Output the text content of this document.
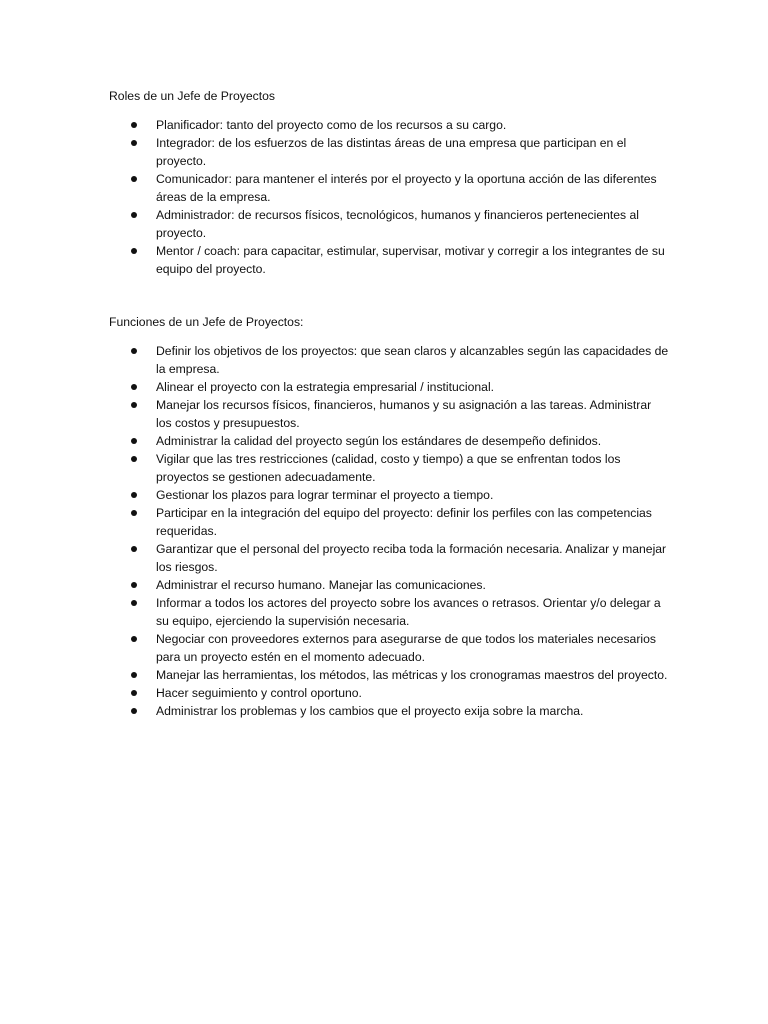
Roles de un Jefe de Proyectos
Planificador: tanto del proyecto como de los recursos a su cargo.
Integrador: de los esfuerzos de las distintas áreas de una empresa que participan en el proyecto.
Comunicador: para mantener el interés por el proyecto y la oportuna acción de las diferentes áreas de la empresa.
Administrador: de recursos físicos, tecnológicos, humanos y financieros pertenecientes al proyecto.
Mentor / coach: para capacitar, estimular, supervisar, motivar y corregir a los integrantes de su equipo del proyecto.
Funciones de un Jefe de Proyectos:
Definir los objetivos de los proyectos: que sean claros y alcanzables según las capacidades de la empresa.
Alinear el proyecto con la estrategia empresarial / institucional.
Manejar los recursos físicos, financieros, humanos y su asignación a las tareas. Administrar los costos y presupuestos.
Administrar la calidad del proyecto según los estándares de desempeño definidos.
Vigilar que las tres restricciones (calidad, costo y tiempo) a que se enfrentan todos los proyectos se gestionen adecuadamente.
Gestionar los plazos para lograr terminar el proyecto a tiempo.
Participar en la integración del equipo del proyecto: definir los perfiles con las competencias requeridas.
Garantizar que el personal del proyecto reciba toda la formación necesaria. Analizar y manejar los riesgos.
Administrar el recurso humano. Manejar las comunicaciones.
Informar a todos los actores del proyecto sobre los avances o retrasos. Orientar y/o delegar a su equipo, ejerciendo la supervisión necesaria.
Negociar con proveedores externos para asegurarse de que todos los materiales necesarios para un proyecto estén en el momento adecuado.
Manejar las herramientas, los métodos, las métricas y los cronogramas maestros del proyecto.
Hacer seguimiento y control oportuno.
Administrar los problemas y los cambios que el proyecto exija sobre la marcha.
